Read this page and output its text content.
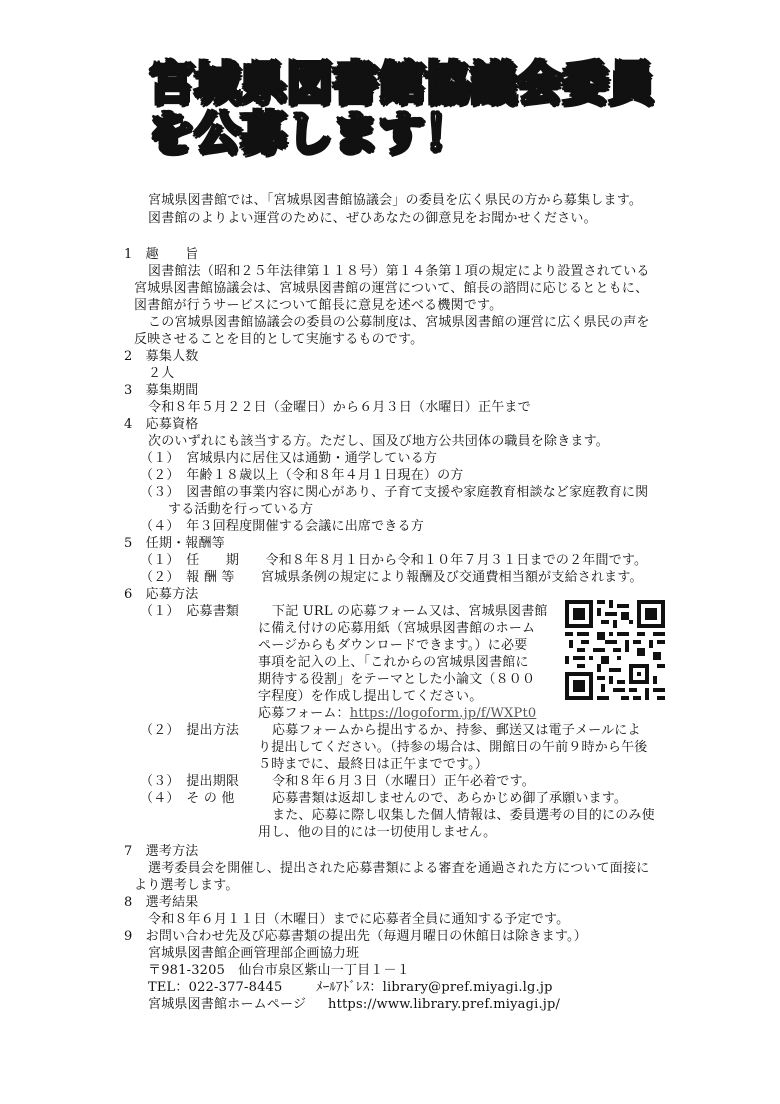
宮城県図書館協議会委員
を公募します！
宮城県図書館では、「宮城県図書館協議会」の委員を広く県民の方から募集します。
図書館のよりよい運営のために、ぜひあなたの御意見をお聞かせください。
1　趣　　旨
図書館法（昭和２５年法律第１１８号）第１４条第１項の規定により設置されている
宮城県図書館協議会は、宮城県図書館の運営について、館長の諮問に応じるとともに、
図書館が行うサービスについて館長に意見を述べる機関です。
この宮城県図書館協議会の委員の公募制度は、宮城県図書館の運営に広く県民の声を
反映させることを目的として実施するものです。
2　募集人数
２人
3　募集期間
令和８年５月２２日（金曜日）から６月３日（水曜日）正午まで
4　応募資格
次のいずれにも該当する方。ただし、国及び地方公共団体の職員を除きます。
（１）　宮城県内に居住又は通勤・通学している方
（２）　年齢１８歳以上（令和８年４月１日現在）の方
（３）　図書館の事業内容に関心があり、子育て支援や家庭教育相談など家庭教育に関
する活動を行っている方
（４）　年３回程度開催する会議に出席できる方
5　任期・報酬等
（１）　任　　期　　令和８年８月１日から令和１０年７月３１日までの２年間です。
（２）　報 酬 等　　宮城県条例の規定により報酬及び交通費相当額が支給されます。
6　応募方法
（１）　応募書類	下記 URL の応募フォーム又は、宮城県図書館
に備え付けの応募用紙（宮城県図書館のホーム
ページからもダウンロードできます。）に必要
事項を記入の上、「これからの宮城県図書館に
期待する役割」をテーマとした小論文（８００
字程度）を作成し提出してください。
応募フォーム：https://logoform.jp/f/WXPt0
（２）　提出方法	応募フォームから提出するか、持参、郵送又は電子メールによ
り提出してください。（持参の場合は、開館日の午前９時から午後
５時までに、最終日は正午までです。）
（３）　提出期限	令和８年６月３日（水曜日）正午必着です。
（４）　そ の 他	応募書類は返却しませんので、あらかじめ御了承願います。
また、応募に際し収集した個人情報は、委員選考の目的にのみ使
用し、他の目的には一切使用しません。
7　選考方法
選考委員会を開催し、提出された応募書類による審査を通過された方について面接に
より選考します。
8　選考結果
令和８年６月１１日（木曜日）までに応募者全員に通知する予定です。
9　お問い合わせ先及び応募書類の提出先（毎週月曜日の休館日は除きます。）
宮城県図書館企画管理部企画協力班
〒981-3205　仙台市泉区紫山一丁目１－１
TEL：022-377-8445	ﾒｰﾙｱﾄﾞﾚｽ：library@pref.miyagi.lg.jp
宮城県図書館ホームページ https://www.library.pref.miyagi.jp/
